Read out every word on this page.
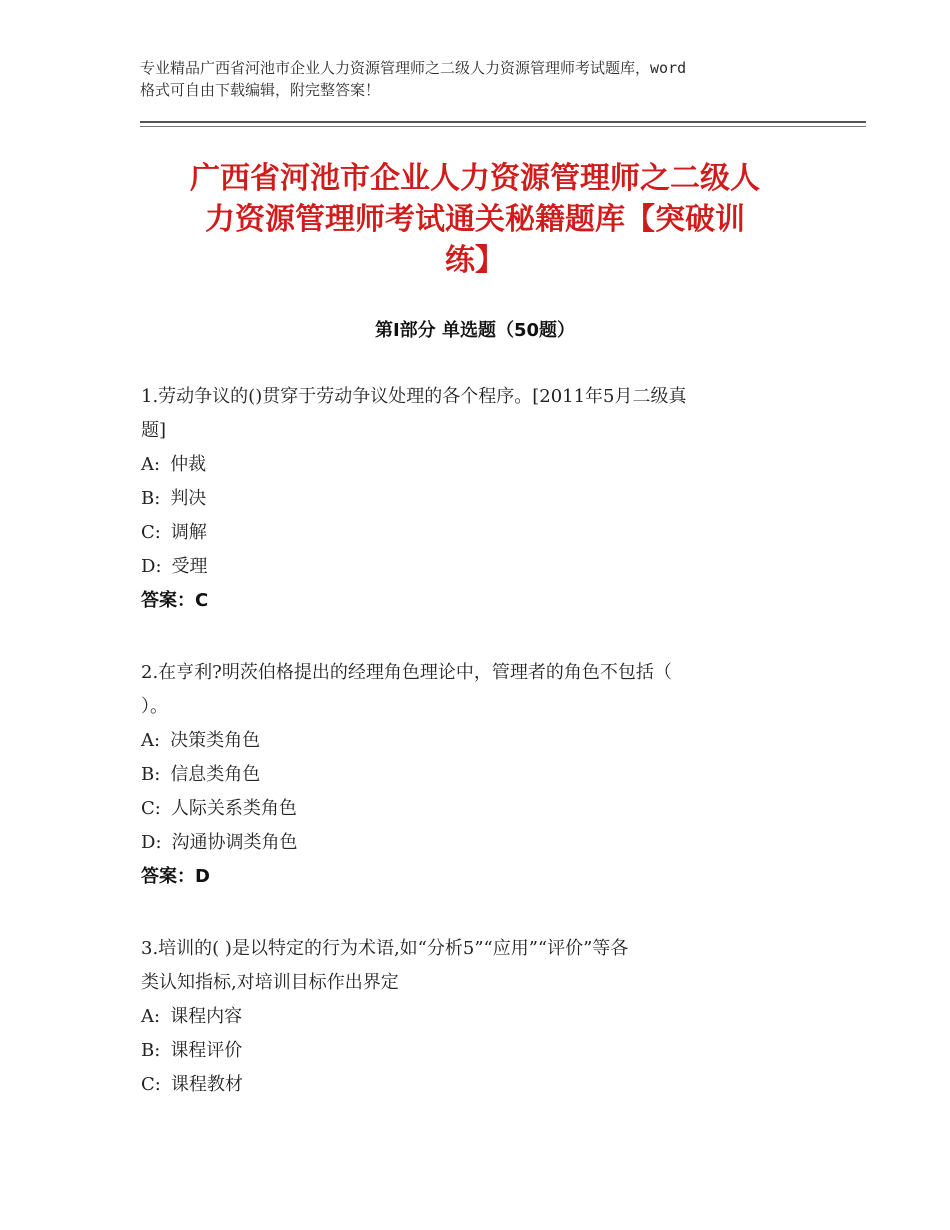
专业精品广西省河池市企业人力资源管理师之二级人力资源管理师考试题库，word
格式可自由下载编辑，附完整答案！
广西省河池市企业人力资源管理师之二级人
力资源管理师考试通关秘籍题库【突破训
练】
第Ⅰ部分 单选题（50题）
1.劳动争议的()贯穿于劳动争议处理的各个程序。[2011年5月二级真
题]
A: 仲裁
B: 判决
C: 调解
D: 受理
答案：C
2.在亨利?明茨伯格提出的经理角色理论中，管理者的角色不包括（
）。
A: 决策类角色
B: 信息类角色
C: 人际关系类角色
D: 沟通协调类角色
答案：D
3.培训的( )是以特定的行为术语,如“分析5”“应用”“评价”等各
类认知指标,对培训目标作出界定
A: 课程内容
B: 课程评价
C: 课程教材
